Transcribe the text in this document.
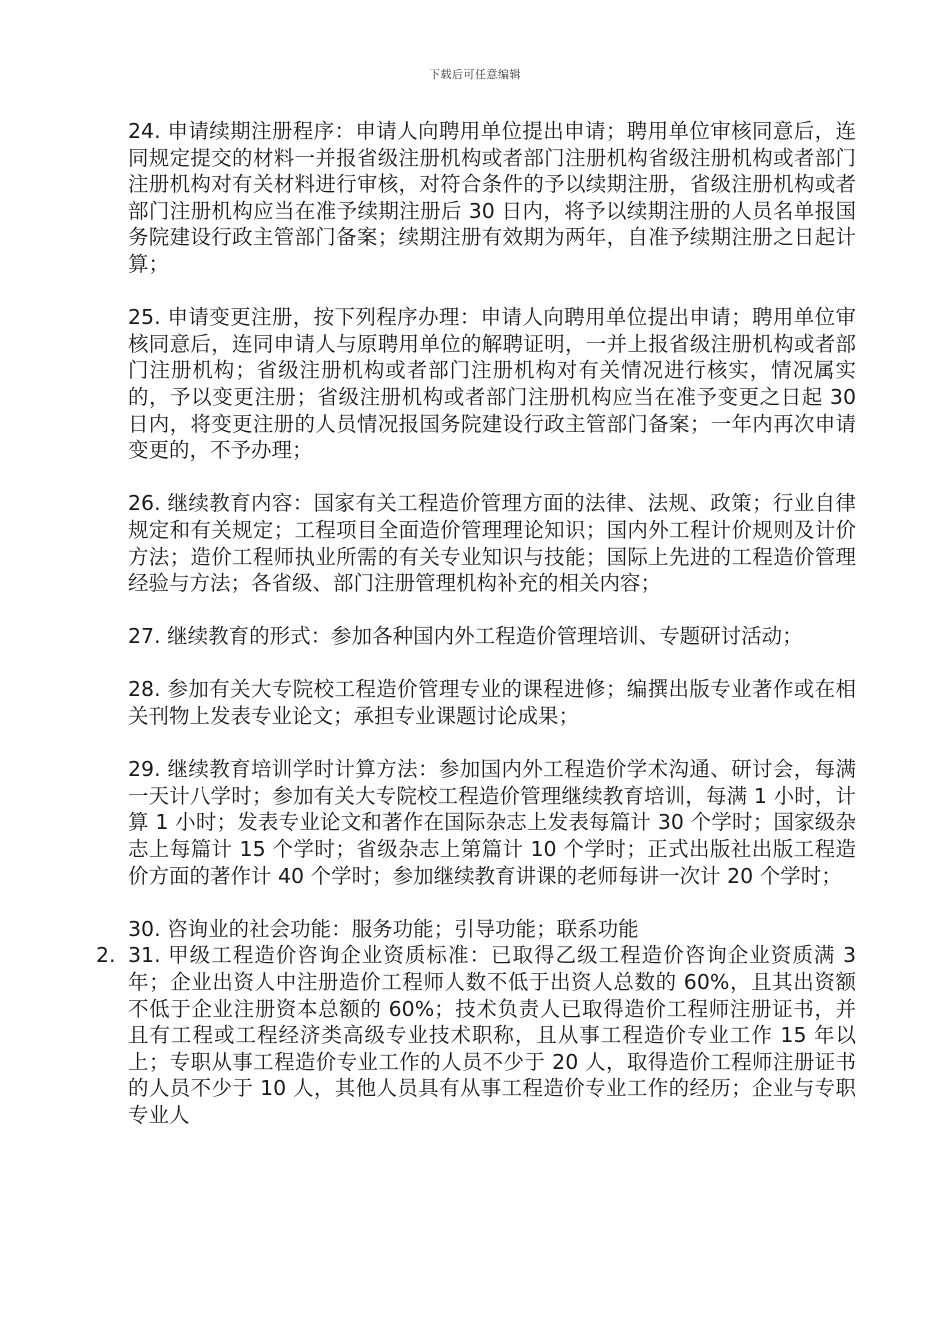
下载后可任意编辑

24. 申请续期注册程序：申请人向聘用单位提出申请；聘用单位审核同意后，连同规定提交的材料一并报省级注册机构或者部门注册机构省级注册机构或者部门注册机构对有关材料进行审核，对符合条件的予以续期注册，省级注册机构或者部门注册机构应当在准予续期注册后 30 日内，将予以续期注册的人员名单报国务院建设行政主管部门备案；续期注册有效期为两年，自准予续期注册之日起计算；

25. 申请变更注册，按下列程序办理：申请人向聘用单位提出申请；聘用单位审核同意后，连同申请人与原聘用单位的解聘证明，一并上报省级注册机构或者部门注册机构；省级注册机构或者部门注册机构对有关情况进行核实，情况属实的，予以变更注册；省级注册机构或者部门注册机构应当在准予变更之日起 30 日内，将变更注册的人员情况报国务院建设行政主管部门备案；一年内再次申请变更的，不予办理；

26. 继续教育内容：国家有关工程造价管理方面的法律、法规、政策；行业自律规定和有关规定；工程项目全面造价管理理论知识；国内外工程计价规则及计价方法；造价工程师执业所需的有关专业知识与技能；国际上先进的工程造价管理经验与方法；各省级、部门注册管理机构补充的相关内容；

27. 继续教育的形式：参加各种国内外工程造价管理培训、专题研讨活动；

28. 参加有关大专院校工程造价管理专业的课程进修；编撰出版专业著作或在相关刊物上发表专业论文；承担专业课题讨论成果；

29. 继续教育培训学时计算方法：参加国内外工程造价学术沟通、研讨会，每满一天计八学时；参加有关大专院校工程造价管理继续教育培训，每满 1 小时，计算 1 小时；发表专业论文和著作在国际杂志上发表每篇计 30 个学时；国家级杂志上每篇计 15 个学时；省级杂志上第篇计 10 个学时；正式出版社出版工程造价方面的著作计 40 个学时；参加继续教育讲课的老师每讲一次计 20 个学时；

30. 咨询业的社会功能：服务功能；引导功能；联系功能

2. 31. 甲级工程造价咨询企业资质标准：已取得乙级工程造价咨询企业资质满 3 年；企业出资人中注册造价工程师人数不低于出资人总数的 60%，且其出资额不低于企业注册资本总额的 60%；技术负责人已取得造价工程师注册证书，并且有工程或工程经济类高级专业技术职称，且从事工程造价专业工作 15 年以上；专职从事工程造价专业工作的人员不少于 20 人，取得造价工程师注册证书的人员不少于 10 人，其他人员具有从事工程造价专业工作的经历；企业与专职专业人
